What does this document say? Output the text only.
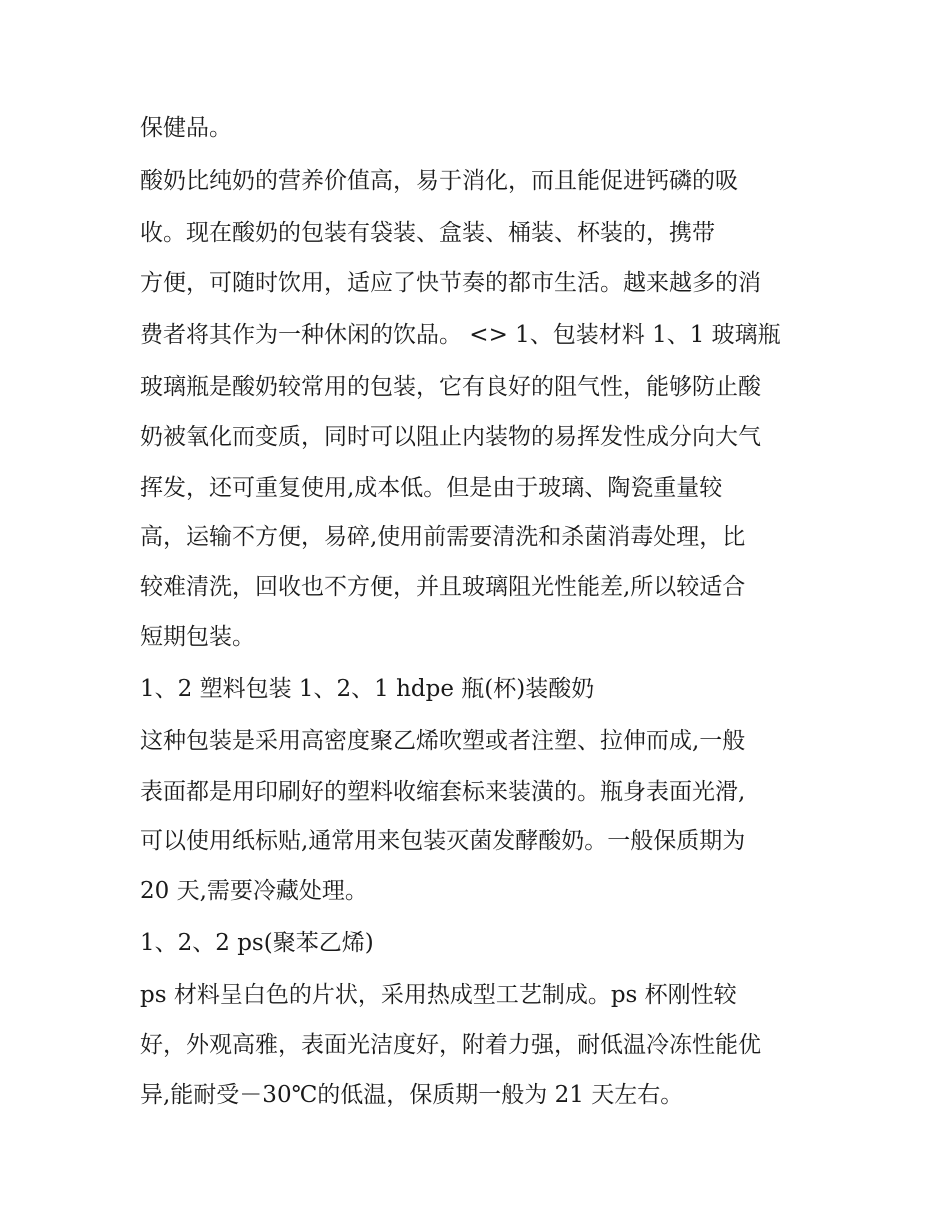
保健品。
酸奶比纯奶的营养价值高，易于消化，而且能促进钙磷的吸
收。现在酸奶的包装有袋装、盒装、桶装、杯装的，携带
方便，可随时饮用，适应了快节奏的都市生活。越来越多的消
费者将其作为一种休闲的饮品。 <> 1、包装材料 1、1 玻璃瓶
玻璃瓶是酸奶较常用的包装，它有良好的阻气性，能够防止酸
奶被氧化而变质，同时可以阻止内装物的易挥发性成分向大气
挥发，还可重复使用,成本低。但是由于玻璃、陶瓷重量较
高，运输不方便，易碎,使用前需要清洗和杀菌消毒处理，比
较难清洗，回收也不方便，并且玻璃阻光性能差,所以较适合
短期包装。
1、2 塑料包装 1、2、1 hdpe 瓶(杯)装酸奶
这种包装是采用高密度聚乙烯吹塑或者注塑、拉伸而成,一般
表面都是用印刷好的塑料收缩套标来装潢的。瓶身表面光滑,
可以使用纸标贴,通常用来包装灭菌发酵酸奶。一般保质期为
20 天,需要冷藏处理。
1、2、2 ps(聚苯乙烯)
ps 材料呈白色的片状，采用热成型工艺制成。ps 杯刚性较
好，外观高雅，表面光洁度好，附着力强，耐低温冷冻性能优
异,能耐受－30℃的低温，保质期一般为 21 天左右。
